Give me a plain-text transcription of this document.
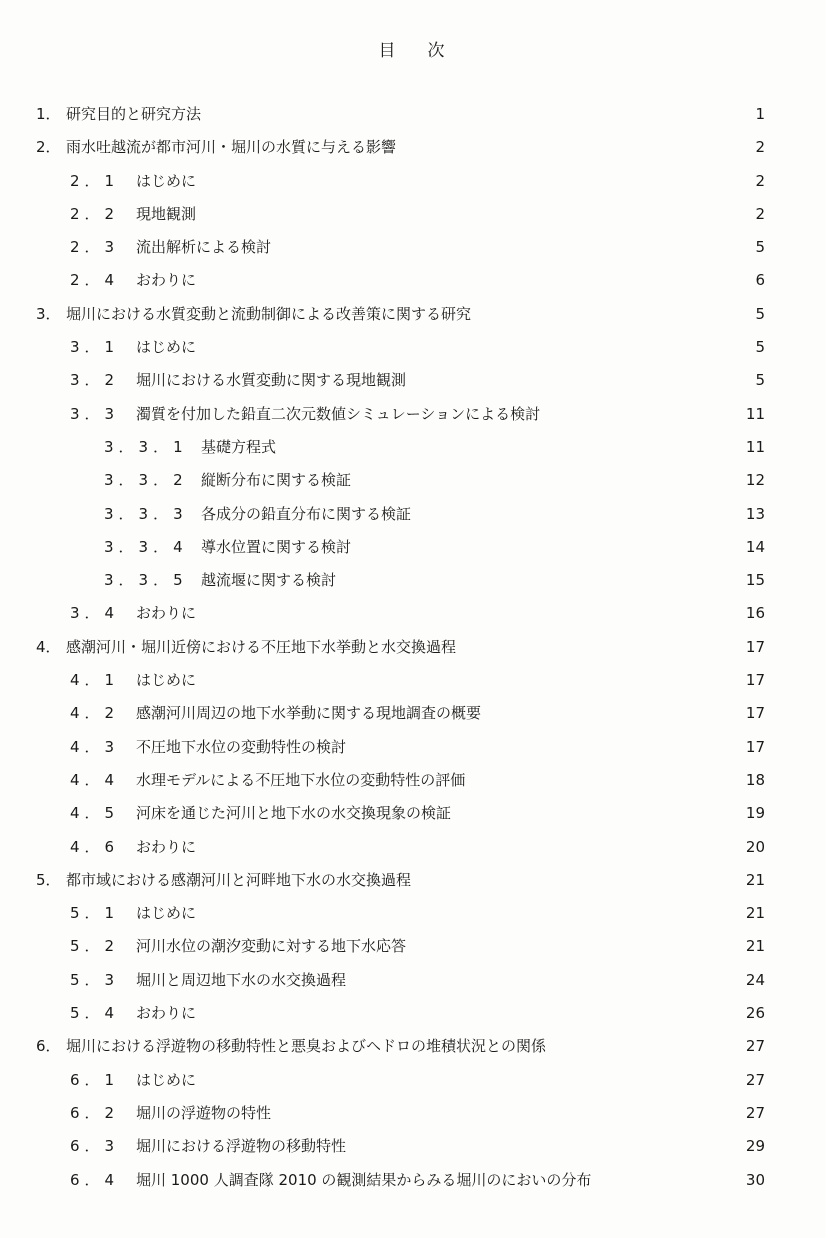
目 次
1． 研究目的と研究方法	1
2． 雨水吐越流が都市河川・堀川の水質に与える影響	2
2．1 はじめに	2
2．2 現地観測	2
2．3 流出解析による検討	5
2．4 おわりに	6
3． 堀川における水質変動と流動制御による改善策に関する研究	5
3．1 はじめに	5
3．2 堀川における水質変動に関する現地観測	5
3．3 濁質を付加した鉛直二次元数値シミュレーションによる検討	11
3．3．1 基礎方程式	11
3．3．2 縦断分布に関する検証	12
3．3．3 各成分の鉛直分布に関する検証	13
3．3．4 導水位置に関する検討	14
3．3．5 越流堰に関する検討	15
3．4 おわりに	16
4． 感潮河川・堀川近傍における不圧地下水挙動と水交換過程	17
4．1 はじめに	17
4．2 感潮河川周辺の地下水挙動に関する現地調査の概要	17
4．3 不圧地下水位の変動特性の検討	17
4．4 水理モデルによる不圧地下水位の変動特性の評価	18
4．5 河床を通じた河川と地下水の水交換現象の検証	19
4．6 おわりに	20
5． 都市域における感潮河川と河畔地下水の水交換過程	21
5．1 はじめに	21
5．2 河川水位の潮汐変動に対する地下水応答	21
5．3 堀川と周辺地下水の水交換過程	24
5．4 おわりに	26
6． 堀川における浮遊物の移動特性と悪臭およびヘドロの堆積状況との関係	27
6．1 はじめに	27
6．2 堀川の浮遊物の特性	27
6．3 堀川における浮遊物の移動特性	29
6．4 堀川 1000 人調査隊 2010 の観測結果からみる堀川のにおいの分布	30
